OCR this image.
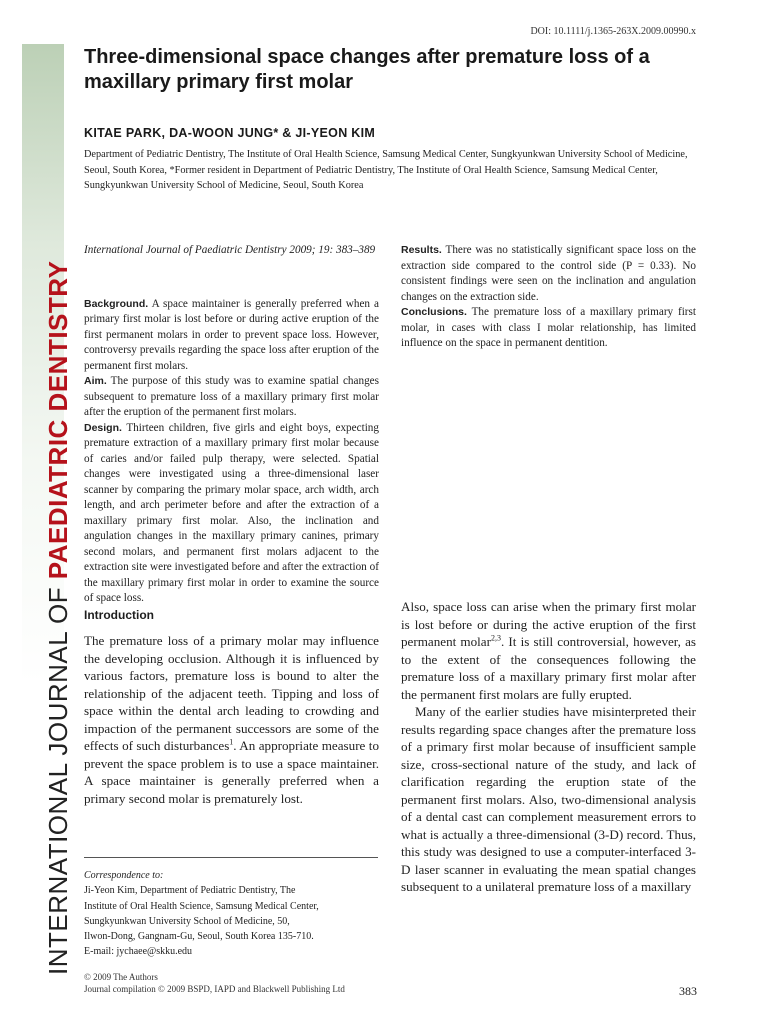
INTERNATIONAL JOURNAL OF PAEDIATRIC DENTISTRY
DOI: 10.1111/j.1365-263X.2009.00990.x
Three-dimensional space changes after premature loss of a maxillary primary first molar

KITAE PARK, DA-WOON JUNG* & JI-YEON KIM

Department of Pediatric Dentistry, The Institute of Oral Health Science, Samsung Medical Center, Sungkyunkwan University School of Medicine, Seoul, South Korea, *Former resident in Department of Pediatric Dentistry, The Institute of Oral Health Science, Samsung Medical Center, Sungkyunkwan University School of Medicine, Seoul, South Korea

International Journal of Paediatric Dentistry 2009; 19: 383–389

Background. A space maintainer is generally preferred when a primary first molar is lost before or during active eruption of the first permanent molars in order to prevent space loss. However, controversy prevails regarding the space loss after eruption of the permanent first molars.

Aim. The purpose of this study was to examine spatial changes subsequent to premature loss of a maxillary primary first molar after the eruption of the permanent first molars.

Design. Thirteen children, five girls and eight boys, expecting premature extraction of a maxillary primary first molar because of caries and/or failed pulp therapy, were selected. Spatial changes were investigated using a three-dimensional laser scanner by comparing the primary molar space, arch width, arch length, and arch perimeter before and after the extraction of a maxillary primary first molar. Also, the inclination and angulation changes in the maxillary primary canines, primary second molars, and permanent first molars adjacent to the extraction site were investigated before and after the extraction of the maxillary primary first molar in order to examine the source of space loss.

Results. There was no statistically significant space loss on the extraction side compared to the control side (P = 0.33). No consistent findings were seen on the inclination and angulation changes on the extraction side.

Conclusions. The premature loss of a maxillary primary first molar, in cases with class I molar relationship, has limited influence on the space in permanent dentition.

Introduction

The premature loss of a primary molar may influence the developing occlusion. Although it is influenced by various factors, premature loss is bound to alter the relationship of the adjacent teeth. Tipping and loss of space within the dental arch leading to crowding and impaction of the permanent successors are some of the effects of such disturbances$^1$. An appropriate measure to prevent the space problem is to use a space maintainer. A space maintainer is generally preferred when a primary second molar is prematurely lost.

Also, space loss can arise when the primary first molar is lost before or during the active eruption of the first permanent molar$^{2,3}$. It is still controversial, however, as to the extent of the consequences following the premature loss of a maxillary primary first molar after the permanent first molars are fully erupted.

Many of the earlier studies have misinterpreted their results regarding space changes after the premature loss of a primary first molar because of insufficient sample size, cross-sectional nature of the study, and lack of clarification regarding the eruption state of the permanent first molars. Also, two-dimensional analysis of a dental cast can complement measurement errors to what is actually a three-dimensional (3-D) record. Thus, this study was designed to use a computer-interfaced 3-D laser scanner in evaluating the mean spatial changes subsequent to a unilateral premature loss of a maxillary

Correspondence to:

Ji-Yeon Kim, Department of Pediatric Dentistry, The

Institute of Oral Health Science, Samsung Medical Center,

Sungkyunkwan University School of Medicine, 50,

Ilwon-Dong, Gangnam-Gu, Seoul, South Korea 135-710.

E-mail: jychaee@skku.edu

© 2009 The Authors

Journal compilation © 2009 BSPD, IAPD and Blackwell Publishing Ltd	383
